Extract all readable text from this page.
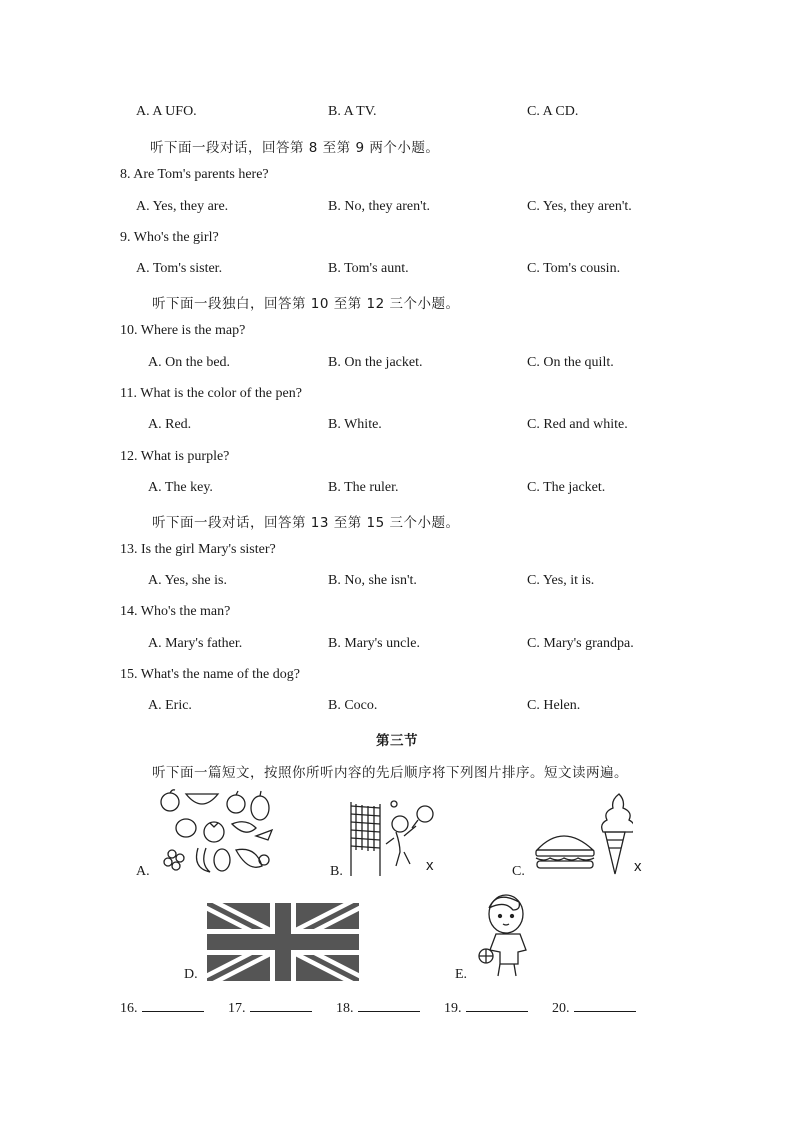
A. A UFO.	B. A TV.	C. A CD.
听下面一段对话，回答第 8 至第 9 两个小题。
8. Are Tom's parents here?
A. Yes, they are.	B. No, they aren't.	C. Yes, they aren't.
9. Who's the girl?
A. Tom's sister.	B. Tom's aunt.	C. Tom's cousin.
听下面一段独白，回答第 10 至第 12 三个小题。
10. Where is the map?
A. On the bed.	B. On the jacket.	C. On the quilt.
11. What is the color of the pen?
A. Red.	B. White.	C. Red and white.
12. What is purple?
A. The key.	B. The ruler.	C. The jacket.
听下面一段对话，回答第 13 至第 15 三个小题。
13. Is the girl Mary's sister?
A. Yes, she is.	B. No, she isn't.	C. Yes, it is.
14. Who's the man?
A. Mary's father.	B. Mary's uncle.	C. Mary's grandpa.
15. What's the name of the dog?
A. Eric.	B. Coco.	C. Helen.
第三节
听下面一篇短文，按照你所听内容的先后顺序将下列图片排序。短文读两遍。
A.	B.	x	C.	x
D.	E.
16.	17.	18.	19.	20.
